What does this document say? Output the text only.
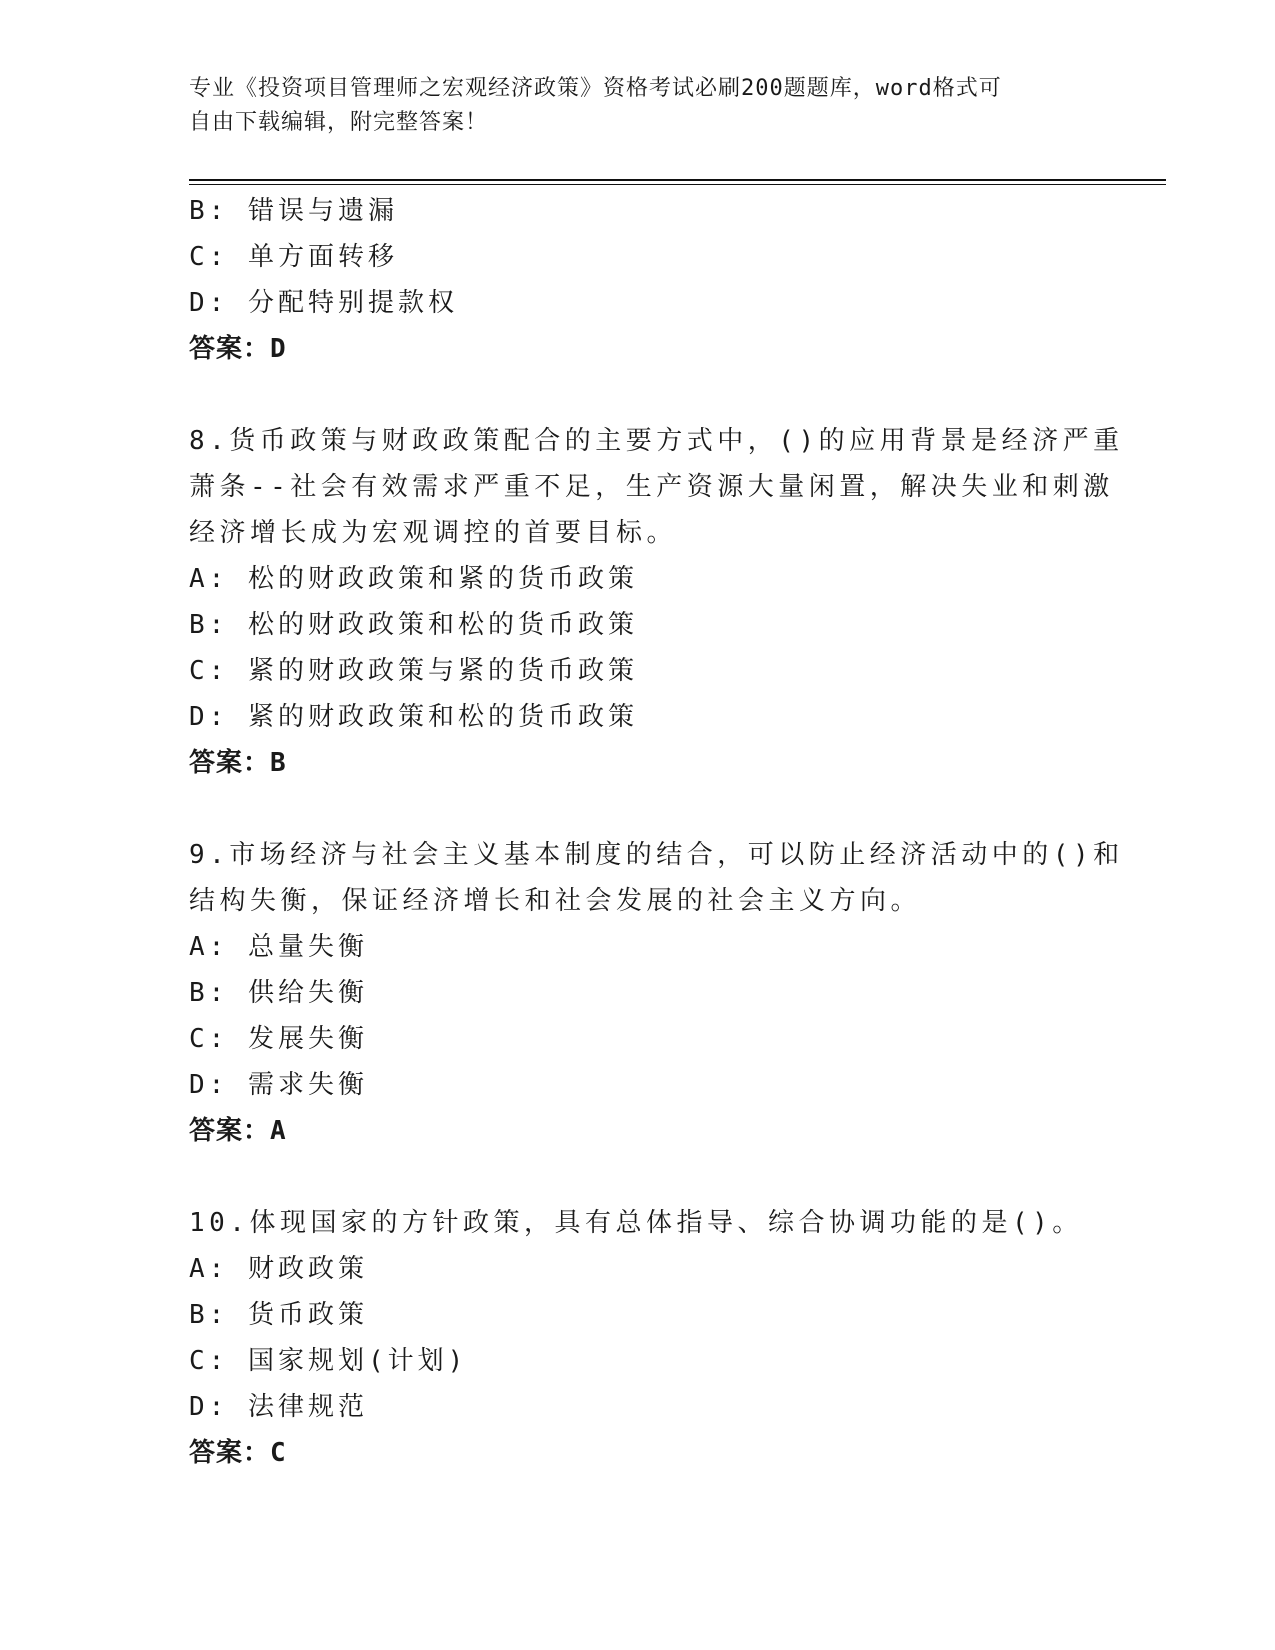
专业《投资项目管理师之宏观经济政策》资格考试必刷200题题库，word格式可
自由下载编辑，附完整答案！
B: 错误与遗漏
C: 单方面转移
D: 分配特别提款权
答案：D
8.货币政策与财政政策配合的主要方式中，()的应用背景是经济严重
萧条--社会有效需求严重不足，生产资源大量闲置，解决失业和刺激
经济增长成为宏观调控的首要目标。
A: 松的财政政策和紧的货币政策
B: 松的财政政策和松的货币政策
C: 紧的财政政策与紧的货币政策
D: 紧的财政政策和松的货币政策
答案：B
9.市场经济与社会主义基本制度的结合，可以防止经济活动中的()和
结构失衡，保证经济增长和社会发展的社会主义方向。
A: 总量失衡
B: 供给失衡
C: 发展失衡
D: 需求失衡
答案：A
10.体现国家的方针政策，具有总体指导、综合协调功能的是()。
A: 财政政策
B: 货币政策
C: 国家规划(计划)
D: 法律规范
答案：C
